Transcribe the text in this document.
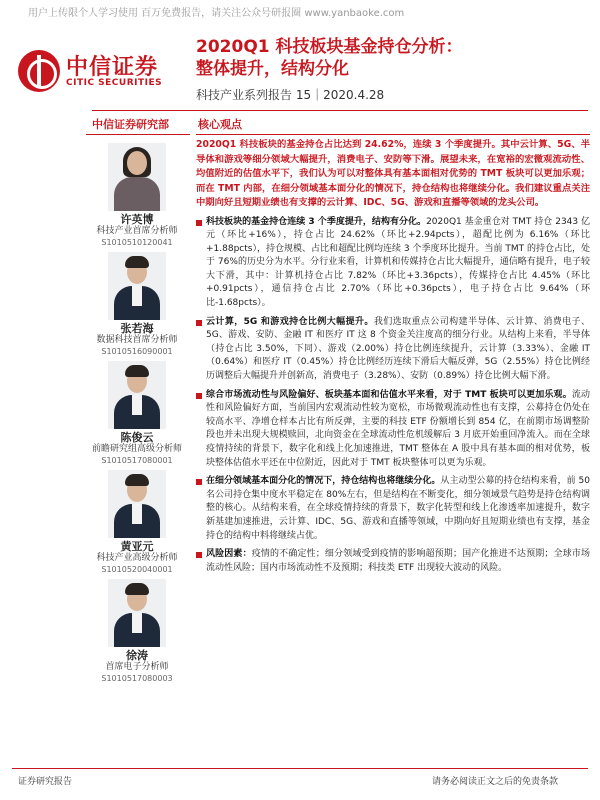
用户上传限个人学习使用 百万免费报告，请关注公众号研报圈 www.yanbaoke.com
中信证券
CITIC SECURITIES
2020Q1 科技板块基金持仓分析：
整体提升，结构分化
科技产业系列报告 15｜2020.4.28
中信证券研究部
许英博
科技产业首席分析师
S1010510120041
张若海
数据科技首席分析师
S1010516090001
陈俊云
前瞻研究组高级分析师
S1010517080001
黄亚元
科技产业高级分析师
S1010520040001
徐涛
首席电子分析师
S1010517080003
核心观点
2020Q1 科技板块的基金持仓占比达到 24.62%，连续 3 个季度提升。其中云计算、5G、半导体和游戏等细分领域大幅提升，消费电子、安防等下滑。展望未来，在宽裕的宏微观流动性、均值附近的估值水平下，我们认为可以对整体具有基本面相对优势的 TMT 板块可以更加乐观；而在 TMT 内部，在细分领域基本面分化的情况下，持仓结构也将继续分化。我们建议重点关注中期向好且短期业绩也有支撑的云计算、IDC、5G、游戏和直播等领域的龙头公司。
科技板块的基金持仓连续 3 个季度提升，结构有分化。2020Q1 基金重仓对 TMT 持仓 2343 亿元（环比+16%），持仓占比 24.62%（环比+2.94pcts），超配比例为 6.16%（环比+1.88pcts），持仓规模、占比和超配比例均连续 3 个季度环比提升。当前 TMT 的持仓占比，处于 76%的历史分为水平。分行业来看，计算机和传媒持仓占比大幅提升，通信略有提升，电子较大下滑，其中：计算机持仓占比 7.82%（环比+3.36pcts），传媒持仓占比 4.45%（环比+0.91pcts），通信持仓占比 2.70%（环比+0.36pcts），电子持仓占比 9.64%（环比-1.68pcts）。
云计算，5G 和游戏持仓比例大幅提升。我们选取重点公司构建半导体、云计算、消费电子、5G、游戏、安防、金融 IT 和医疗 IT 这 8 个资金关注度高的细分行业。从结构上来看，半导体（持仓占比 3.50%，下同）、游戏（2.00%）持仓比例连续提升，云计算（3.33%）、金融 IT（0.64%）和医疗 IT（0.45%）持仓比例经历连续下滑后大幅反弹，5G（2.55%）持仓比例经历调整后大幅提升并创新高，消费电子（3.28%）、安防（0.89%）持仓比例大幅下滑。
综合市场流动性与风险偏好、板块基本面和估值水平来看，对于 TMT 板块可以更加乐观。流动性和风险偏好方面，当前国内宏观流动性较为宽松，市场微观流动性也有支撑，公募持仓仍处在较高水平、净增仓样本占比有所反弹，主要的科技 ETF 份额增长到 854 亿，在前期市场调整阶段也并未出现大规模赎回，北向资金在全球流动性危机缓解后 3 月底开始重回净流入。而在全球疫情持续的背景下，数字化和线上化加速推进，TMT 整体在 A 股中具有基本面的相对优势，板块整体估值水平还在中位附近，因此对于 TMT 板块整体可以更为乐观。
在细分领域基本面分化的情况下，持仓结构也将继续分化。从主动型公募的持仓结构来看，前 50 名公司持仓集中度水平稳定在 80%左右，但是结构在不断变化，细分领域景气趋势是持仓结构调整的核心。从结构来看，在全球疫情持续的背景下，数字化转型和线上化渗透率加速提升，数字新基建加速推进，云计算、IDC、5G、游戏和直播等领域，中期向好且短期业绩也有支撑，基金持仓的结构中料将继续占优。
风险因素：疫情的不确定性；细分领域受到疫情的影响超预期；国产化推进不达预期；全球市场流动性风险；国内市场流动性不及预期；科技类 ETF 出现较大波动的风险。
证券研究报告	请务必阅读正文之后的免责条款
